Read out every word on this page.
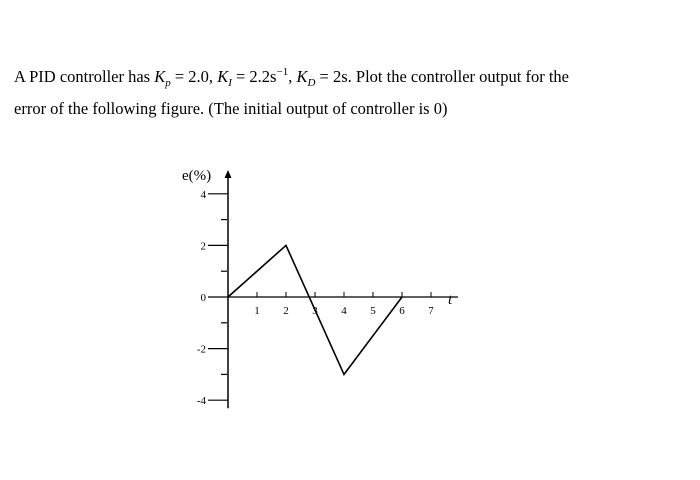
A PID controller has $K_p = 2.0$, $K_I = 2.2s^{-1}$, $K_D = 2s$. Plot the controller output for the
error of the following figure. (The initial output of controller is 0)
e(%)
t
4
2
0
-2
-4
1 2 3 4 5 6 7
